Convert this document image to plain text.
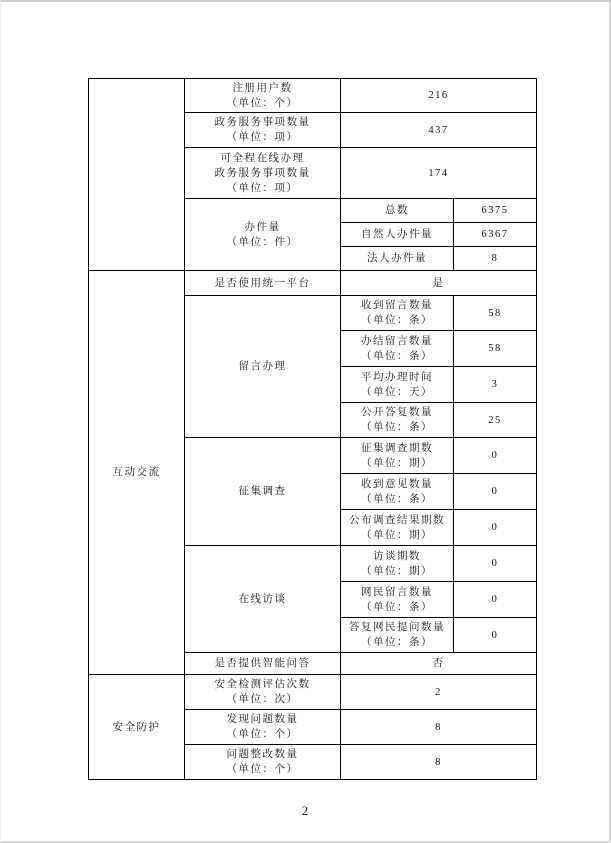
	注册用户数
（单位：个）	216	
	政务服务事项数量
（单位：项）	437	
	可全程在线办理
政务服务事项数量
（单位：项）	174	
	办件量
（单位：件）	总数	6375
		自然人办件量	6367
		法人办件量	8
互动交流	是否使用统一平台	是	
	留言办理	收到留言数量
（单位：条）	58
		办结留言数量
（单位：条）	58
		平均办理时间
（单位：天）	3
		公开答复数量
（单位：条）	25
	征集调查	征集调查期数
（单位：期）	0
		收到意见数量
（单位：条）	0
		公布调查结果期数
（单位：期）	0
	在线访谈	访谈期数
（单位：期）	0
		网民留言数量
（单位：条）	0
		答复网民提问数量
（单位：条）	0
	是否提供智能问答	否	
安全防护	安全检测评估次数
（单位：次）	2	
	发现问题数量
（单位：个）	8	
	问题整改数量
（单位：个）	8	
2
